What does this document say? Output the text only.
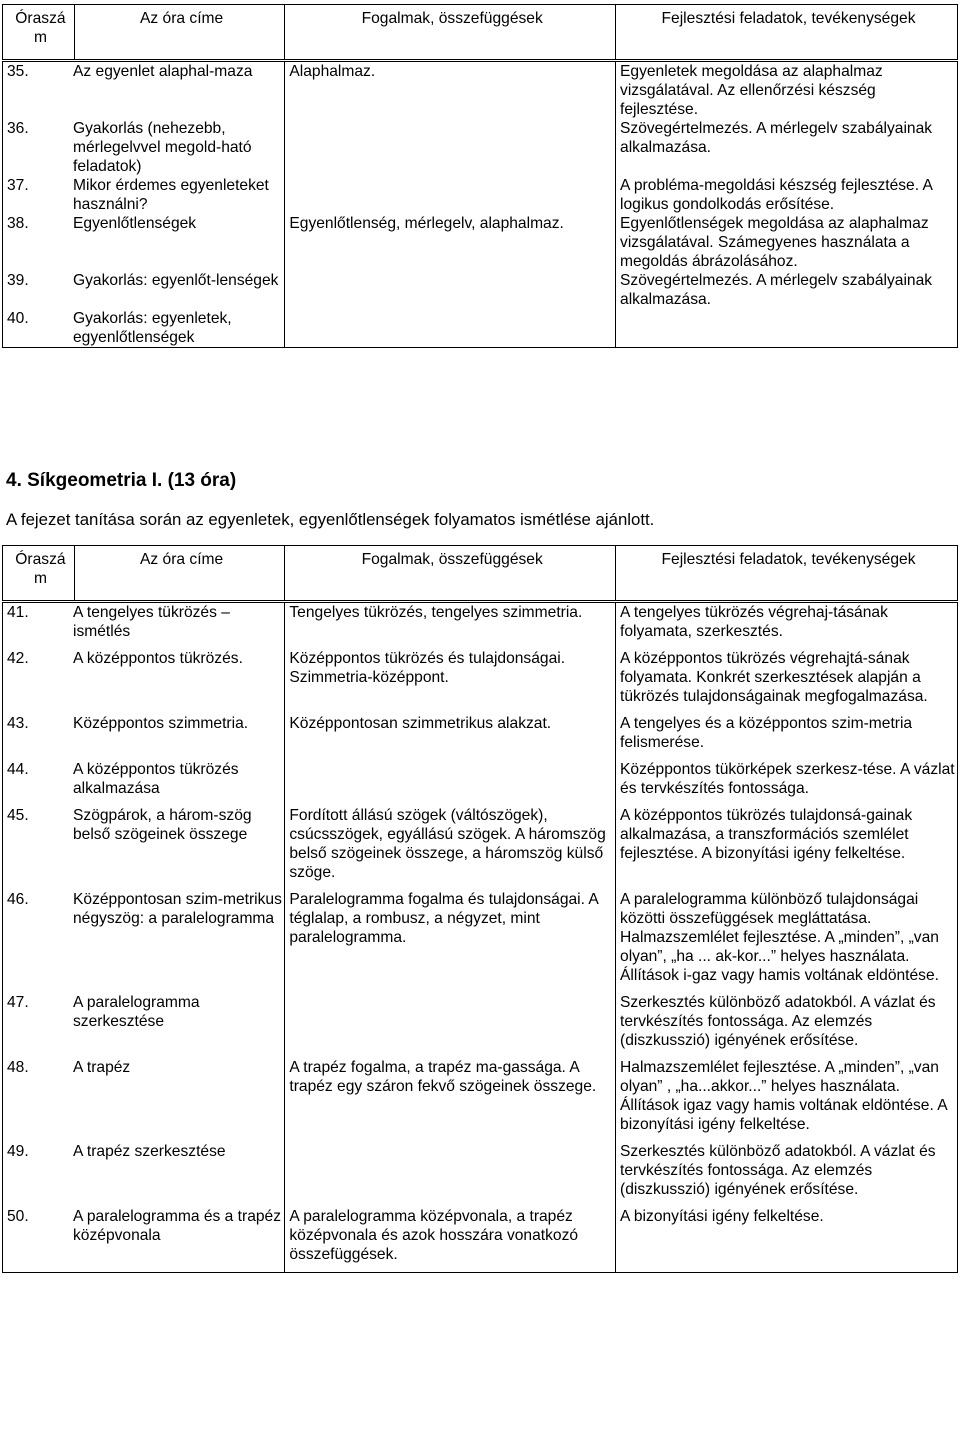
Óraszá m	Az óra címe	Fogalmak, összefüggések	Fejlesztési feladatok, tevékenységek

35. Az egyenlet alaphal-maza		Alaphalmaz.	Egyenletek megoldása az alaphalmaz vizsgálatával. Az ellenőrzési készség fejlesztése.

36. Gyakorlás (nehezebb, mérlegelvvel megold-ható feladatok)			Szövegértelmezés. A mérlegelv szabályainak alkalmazása.

37. Mikor érdemes egyenleteket használni?			A probléma-megoldási készség fejlesztése. A logikus gondolkodás erősítése.

38. Egyenlőtlenségek		Egyenlőtlenség, mérlegelv, alaphalmaz.	Egyenlőtlenségek megoldása az alaphalmaz vizsgálatával. Számegyenes használata a megoldás ábrázolásához.

39. Gyakorlás: egyenlőt-lenségek			Szövegértelmezés. A mérlegelv szabályainak alkalmazása.

40. Gyakorlás: egyenletek, egyenlőtlenségek			

4. Síkgeometria I. (13 óra)

A fejezet tanítása során az egyenletek, egyenlőtlenségek folyamatos ismétlése ajánlott.

Óraszá m	Az óra címe	Fogalmak, összefüggések	Fejlesztési feladatok, tevékenységek

41. A tengelyes tükrözés – ismétlés		Tengelyes tükrözés, tengelyes szimmetria.	A tengelyes tükrözés végrehaj-tásának folyamata, szerkesztés.

42. A középpontos tükrözés.		Középpontos tükrözés és tulajdonságai. Szimmetria-középpont.	A középpontos tükrözés végrehajtá-sának folyamata. Konkrét szerkesztések alapján a tükrözés tulajdonságainak megfogalmazása.

43. Középpontos szimmetria.		Középpontosan szimmetrikus alakzat.	A tengelyes és a középpontos szim-metria felismerése.

44. A középpontos tükrözés alkalmazása			Középpontos tükörképek szerkesz-tése. A vázlat és tervkészítés fontossága.

45. Szögpárok, a három-szög belső szögeinek összege		Fordított állású szögek (váltószögek), csúcsszögek, egyállású szögek. A háromszög belső szögeinek összege, a háromszög külső szöge.	A középpontos tükrözés tulajdonsá-gainak alkalmazása, a transzformációs szemlélet fejlesztése. A bizonyítási igény felkeltése.

46. Középpontosan szim-metrikus négyszög: a paralelogramma		Paralelogramma fogalma és tulajdonságai. A téglalap, a rombusz, a négyzet, mint paralelogramma.	A paralelogramma különböző tulajdonságai közötti összefüggések megláttatása. Halmazszemlélet fejlesztése. A „minden”, „van olyan”, „ha ... ak-kor...” helyes használata. Állítások i-gaz vagy hamis voltának eldöntése.

47. A paralelogramma szerkesztése			Szerkesztés különböző adatokból. A vázlat és tervkészítés fontossága. Az elemzés (diszkusszió) igényének erősítése.

48. A trapéz		A trapéz fogalma, a trapéz ma-gassága. A trapéz egy száron fekvő szögeinek összege.	Halmazszemlélet fejlesztése. A „minden”, „van olyan” , „ha...akkor...” helyes használata. Állítások igaz vagy hamis voltának eldöntése. A bizonyítási igény felkeltése.

49. A trapéz szerkesztése			Szerkesztés különböző adatokból. A vázlat és tervkészítés fontossága. Az elemzés (diszkusszió) igényének erősítése.

50. A paralelogramma és a trapéz középvonala		A paralelogramma középvonala, a trapéz középvonala és azok hosszára vonatkozó összefüggések.	A bizonyítási igény felkeltése.
